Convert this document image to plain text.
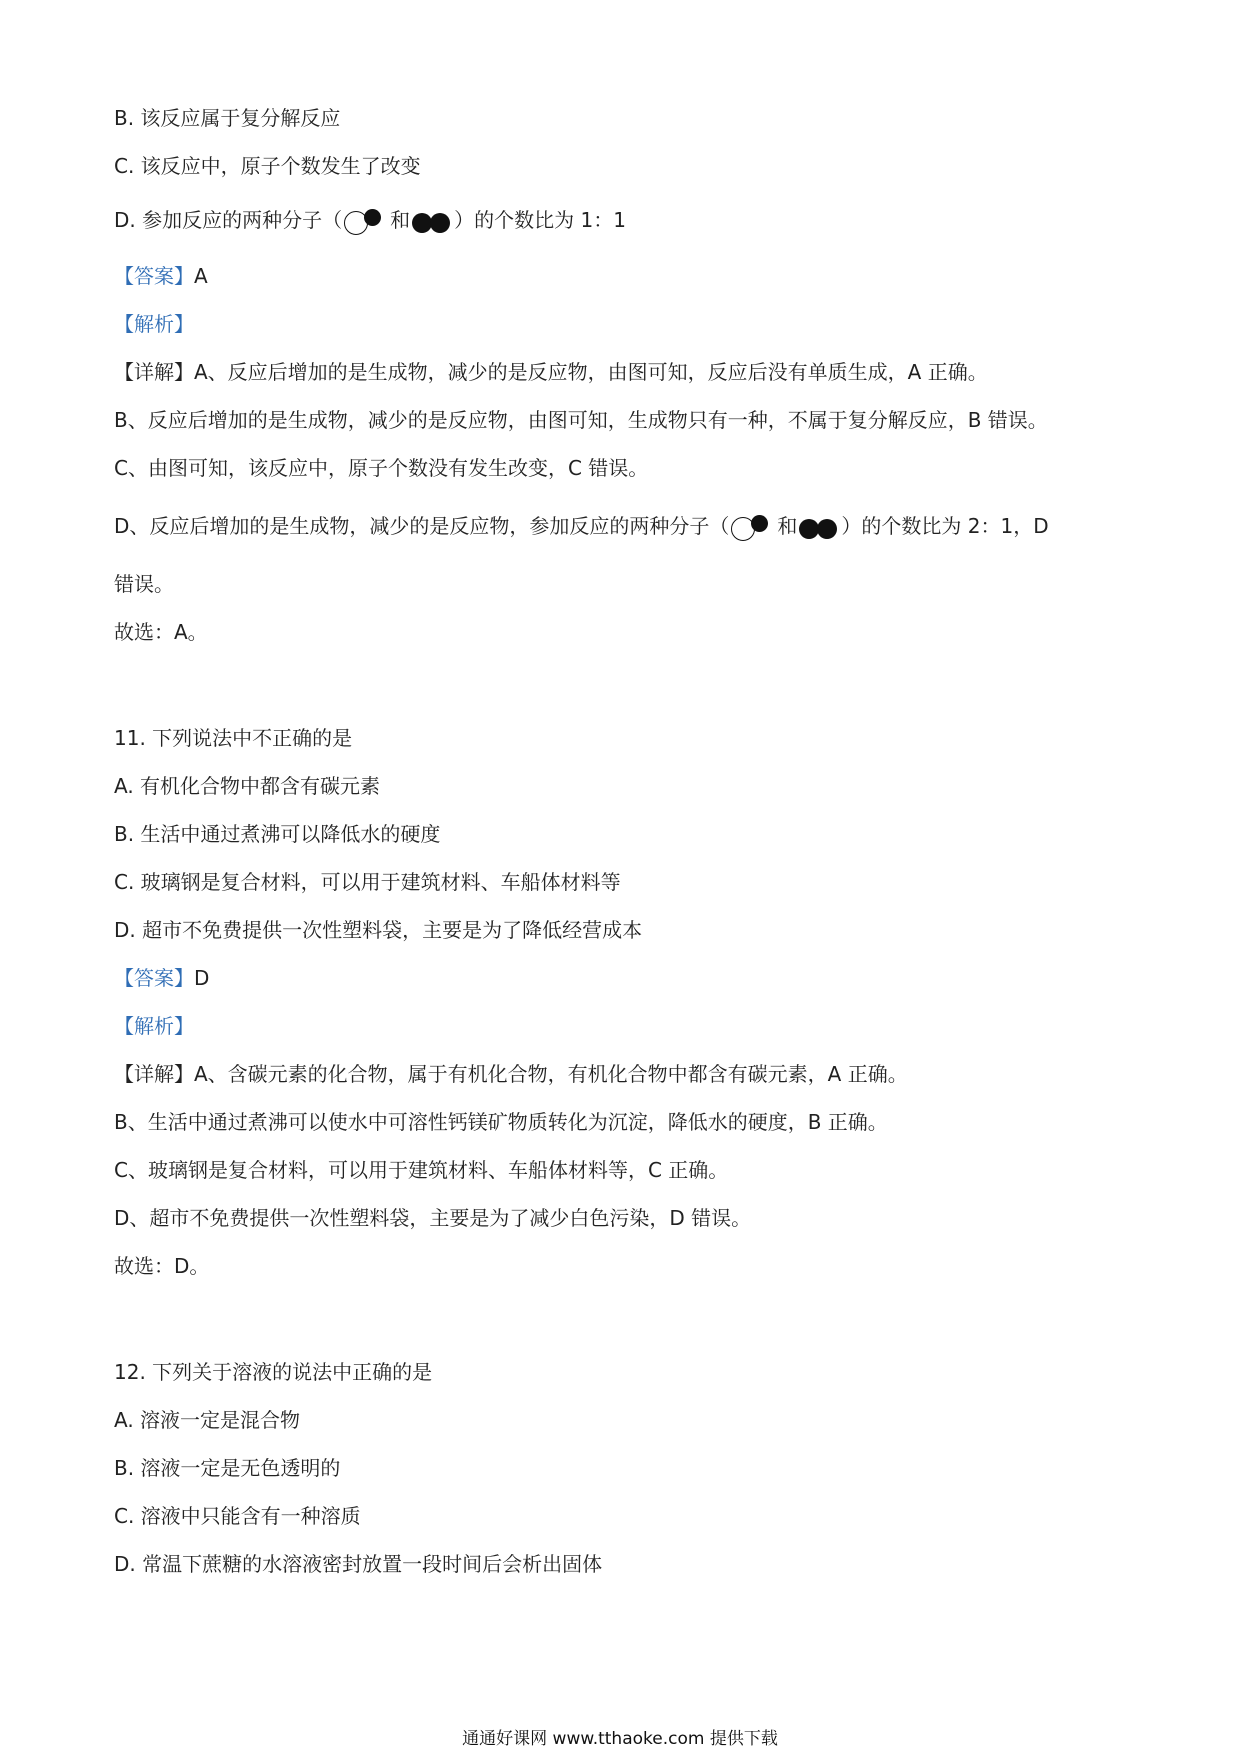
B. 该反应属于复分解反应
C. 该反应中，原子个数发生了改变
D. 参加反应的两种分子（ 和 ）的个数比为 1：1
【答案】A
【解析】
【详解】A、反应后增加的是生成物，减少的是反应物，由图可知，反应后没有单质生成，A 正确。
B、反应后增加的是生成物，减少的是反应物，由图可知，生成物只有一种，不属于复分解反应，B 错误。
C、由图可知，该反应中，原子个数没有发生改变，C 错误。
D、反应后增加的是生成物，减少的是反应物，参加反应的两种分子（ 和 ）的个数比为 2：1，D
错误。
故选：A。
11. 下列说法中不正确的是
A. 有机化合物中都含有碳元素
B. 生活中通过煮沸可以降低水的硬度
C. 玻璃钢是复合材料，可以用于建筑材料、车船体材料等
D. 超市不免费提供一次性塑料袋，主要是为了降低经营成本
【答案】D
【解析】
【详解】A、含碳元素的化合物，属于有机化合物，有机化合物中都含有碳元素，A 正确。
B、生活中通过煮沸可以使水中可溶性钙镁矿物质转化为沉淀，降低水的硬度，B 正确。
C、玻璃钢是复合材料，可以用于建筑材料、车船体材料等，C 正确。
D、超市不免费提供一次性塑料袋，主要是为了减少白色污染，D 错误。
故选：D。
12. 下列关于溶液的说法中正确的是
A. 溶液一定是混合物
B. 溶液一定是无色透明的
C. 溶液中只能含有一种溶质
D. 常温下蔗糖的水溶液密封放置一段时间后会析出固体
通通好课网 www.tthaoke.com 提供下载
